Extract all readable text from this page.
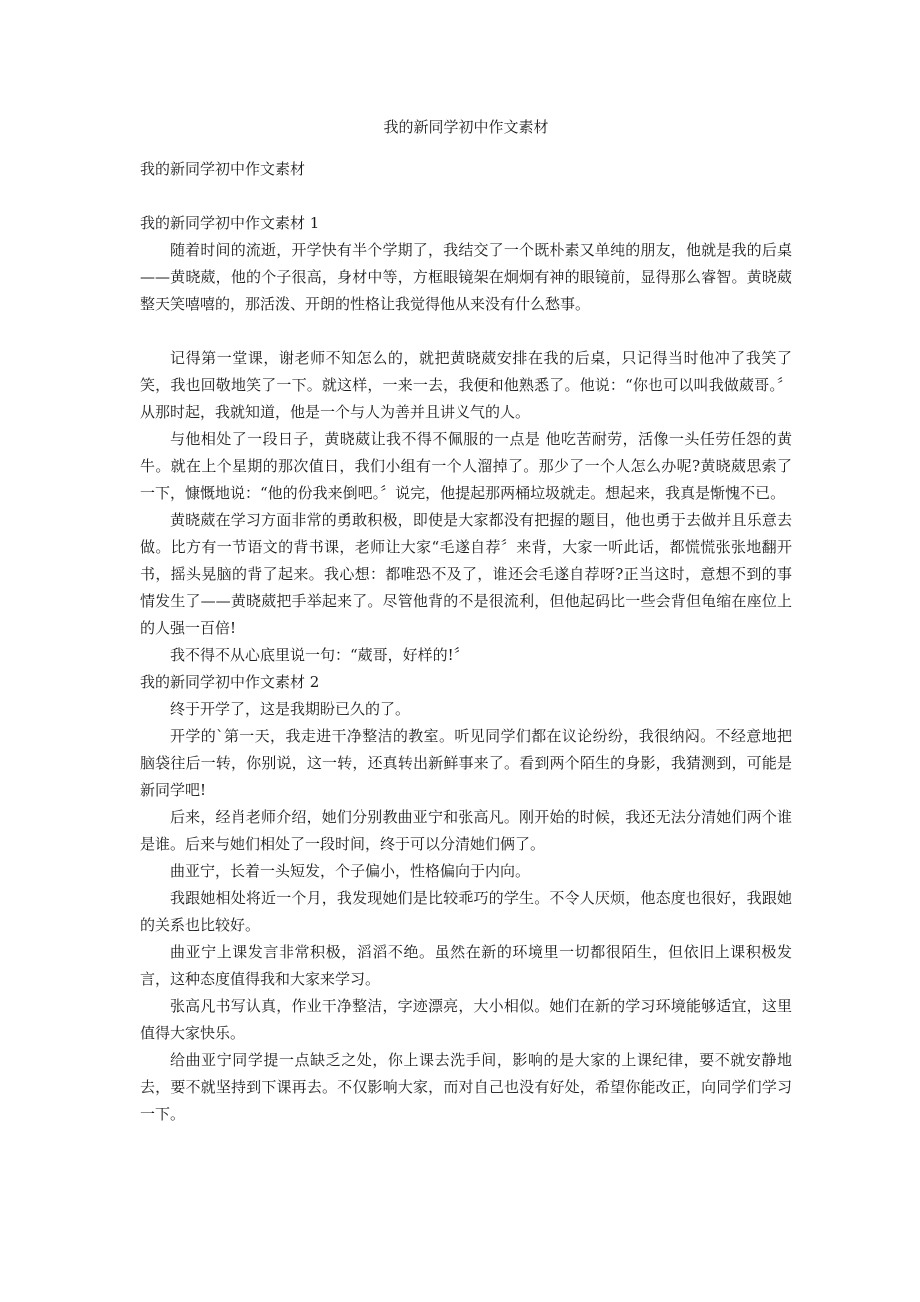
我的新同学初中作文素材
我的新同学初中作文素材
我的新同学初中作文素材 1

随着时间的流逝，开学快有半个学期了，我结交了一个既朴素又单纯的朋友，他就是我的后桌——黄晓葳，他的个子很高，身材中等，方框眼镜架在炯炯有神的眼镜前，显得那么睿智。黄晓葳整天笑嘻嘻的，那活泼、开朗的性格让我觉得他从来没有什么愁事。

记得第一堂课，谢老师不知怎么的，就把黄晓葳安排在我的后桌，只记得当时他冲了我笑了笑，我也回敬地笑了一下。就这样，一来一去，我便和他熟悉了。他说：“你也可以叫我做葳哥。〞从那时起，我就知道，他是一个与人为善并且讲义气的人。

与他相处了一段日子，黄晓葳让我不得不佩服的一点是 他吃苦耐劳，活像一头任劳任怨的黄牛。就在上个星期的那次值日，我们小组有一个人溜掉了。那少了一个人怎么办呢?黄晓葳思索了一下，慷慨地说：“他的份我来倒吧。〞说完，他提起那两桶垃圾就走。想起来，我真是惭愧不已。

黄晓葳在学习方面非常的勇敢积极，即使是大家都没有把握的题目，他也勇于去做并且乐意去做。比方有一节语文的背书课，老师让大家“毛遂自荐〞来背，大家一听此话，都慌慌张张地翻开书，摇头晃脑的背了起来。我心想：都唯恐不及了，谁还会毛遂自荐呀?正当这时，意想不到的事情发生了——黄晓葳把手举起来了。尽管他背的不是很流利，但他起码比一些会背但龟缩在座位上的人强一百倍!

我不得不从心底里说一句：“葳哥，好样的!〞

我的新同学初中作文素材 2

终于开学了，这是我期盼已久的了。

开学的`第一天，我走进干净整洁的教室。听见同学们都在议论纷纷，我很纳闷。不经意地把脑袋往后一转，你别说，这一转，还真转出新鲜事来了。看到两个陌生的身影，我猜测到，可能是新同学吧!

后来，经肖老师介绍，她们分别教曲亚宁和张高凡。刚开始的时候，我还无法分清她们两个谁是谁。后来与她们相处了一段时间，终于可以分清她们俩了。

曲亚宁，长着一头短发，个子偏小，性格偏向于内向。

我跟她相处将近一个月，我发现她们是比较乖巧的学生。不令人厌烦，他态度也很好，我跟她的关系也比较好。

曲亚宁上课发言非常积极，滔滔不绝。虽然在新的环境里一切都很陌生，但依旧上课积极发言，这种态度值得我和大家来学习。

张高凡书写认真，作业干净整洁，字迹漂亮，大小相似。她们在新的学习环境能够适宜，这里值得大家快乐。

给曲亚宁同学提一点缺乏之处，你上课去洗手间，影响的是大家的上课纪律，要不就安静地去，要不就坚持到下课再去。不仅影响大家，而对自己也没有好处，希望你能改正，向同学们学习一下。
